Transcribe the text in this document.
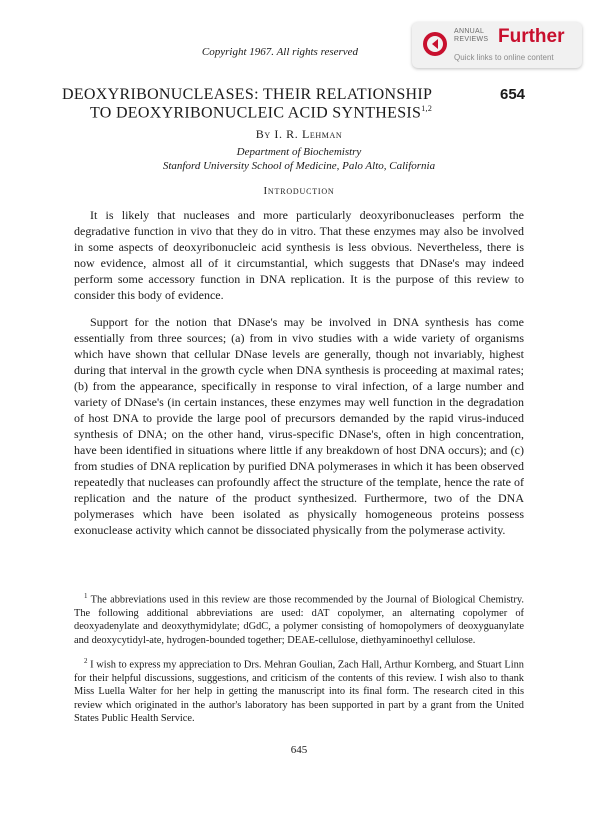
ANNUAL
REVIEWS Further
Quick links to online content
Copyright 1967. All rights reserved
DEOXYRIBONUCLEASES: THEIR RELATIONSHIP	654
TO DEOXYRIBONUCLEIC ACID SYNTHESIS$^{1,2}$
By I. R. Lehman
Department of Biochemistry
Stanford University School of Medicine, Palo Alto, California
Introduction

It is likely that nucleases and more particularly deoxyribonucleases perform the degradative function in vivo that they do in vitro. That these enzymes may also be involved in some aspects of deoxyribonucleic acid synthesis is less obvious. Nevertheless, there is now evidence, almost all of it circumstantial, which suggests that DNase's may indeed perform some accessory function in DNA replication. It is the purpose of this review to consider this body of evidence.

Support for the notion that DNase's may be involved in DNA synthesis has come essentially from three sources; (a) from in vivo studies with a wide variety of organisms which have shown that cellular DNase levels are generally, though not invariably, highest during that interval in the growth cycle when DNA synthesis is proceeding at maximal rates; (b) from the appearance, specifically in response to viral infection, of a large number and variety of DNase's (in certain instances, these enzymes may well function in the degradation of host DNA to provide the large pool of precursors demanded by the rapid virus-induced synthesis of DNA; on the other hand, virus-specific DNase's, often in high concentration, have been identified in situations where little if any breakdown of host DNA occurs); and (c) from studies of DNA replication by purified DNA polymerases in which it has been observed repeatedly that nucleases can profoundly affect the structure of the template, hence the rate of replication and the nature of the product synthesized. Furthermore, two of the DNA polymerases which have been isolated as physically homogeneous proteins possess exonuclease activity which cannot be dissociated physically from the polymerase activity.

$^1$ The abbreviations used in this review are those recommended by the Journal of Biological Chemistry. The following additional abbreviations are used: dAT copolymer, an alternating copolymer of deoxyadenylate and deoxythymidylate; dGdC, a polymer consisting of homopolymers of deoxyguanylate and deoxycytidyl-ate, hydrogen-bounded together; DEAE-cellulose, diethyaminoethyl cellulose.

$^2$ I wish to express my appreciation to Drs. Mehran Goulian, Zach Hall, Arthur Kornberg, and Stuart Linn for their helpful discussions, suggestions, and criticism of the contents of this review. I wish also to thank Miss Luella Walter for her help in getting the manuscript into its final form. The research cited in this review which originated in the author's laboratory has been supported in part by a grant from the United States Public Health Service.

645
